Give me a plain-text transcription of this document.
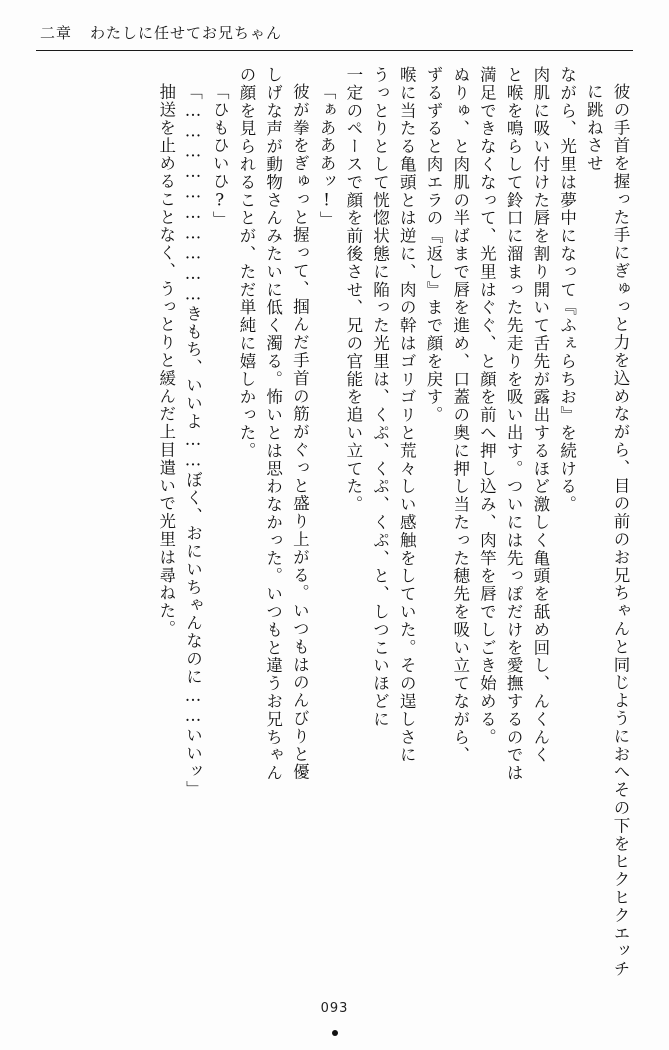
二章 わたしに任せてお兄ちゃん
彼の手首を握った手にぎゅっと力を込めながら、目の前のお兄ちゃんと同じようにおへその下をヒクヒクエッチに跳ねさせ
ながら、光里は夢中になって『ふぇらちお』を続ける。
肉肌に吸い付けた唇を割り開いて舌先が露出するほど激しく亀頭を舐め回し、んくんく
と喉を鳴らして鈴口に溜まった先走りを吸い出す。ついには先っぽだけを愛撫するのでは
満足できなくなって、光里はぐぐ、と顔を前へ押し込み、肉竿を唇でしごき始める。
ぬりゅ、と肉肌の半ばまで唇を進め、口蓋の奥に押し当たった穂先を吸い立てながら、
ずるずると肉エラの『返し』まで顔を戻す。
喉に当たる亀頭とは逆に、肉の幹はゴリゴリと荒々しい感触をしていた。その逞しさに
うっとりとして恍惚状態に陥った光里は、くぷ、くぷ、くぷ、と、しつこいほどに
一定のペースで顔を前後させ、兄の官能を追い立てた。
「ぁあああッ!」
彼が拳をぎゅっと握って、掴んだ手首の筋がぐっと盛り上がる。いつもはのんびりと優
しげな声が動物さんみたいに低く濁る。怖いとは思わなかった。いつもと違うお兄ちゃん
の顔を見られることが、ただ単純に嬉しかった。
「ひもひいひ?」
「…………………………きもち、いいよ……ぼく、おにいちゃんなのに……いいッ」
抽送を止めることなく、うっとりと緩んだ上目遣いで光里は尋ねた。
093
